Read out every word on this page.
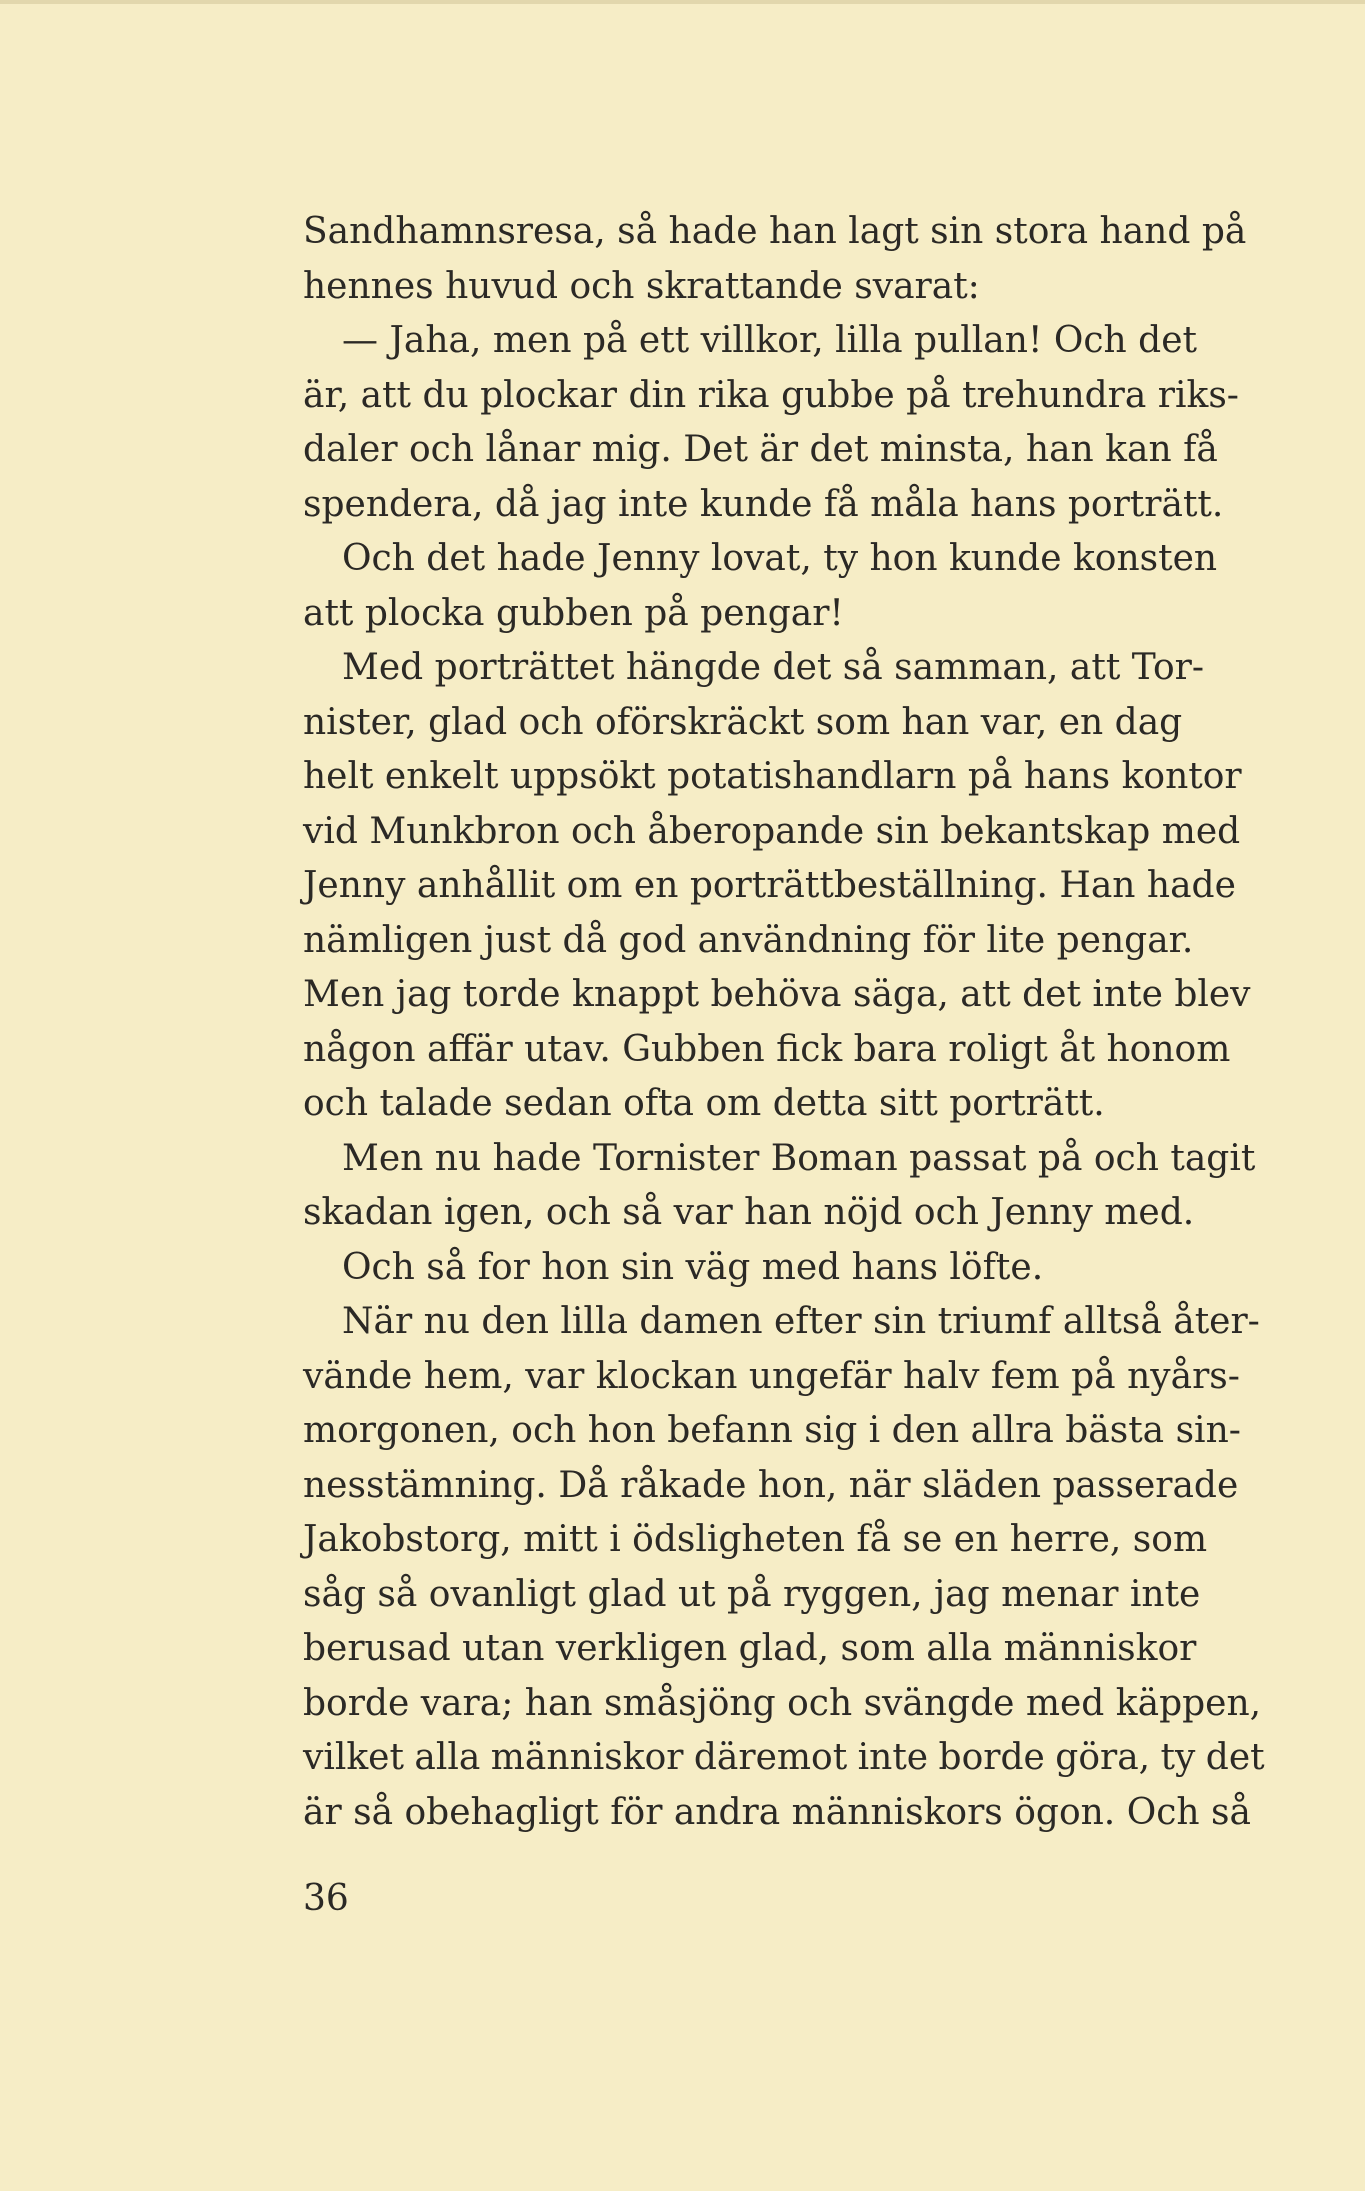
Sandhamnsresa, så hade han lagt sin stora hand på
hennes huvud och skrattande svarat:
— Jaha, men på ett villkor, lilla pullan! Och det
är, att du plockar din rika gubbe på trehundra riks-
daler och lånar mig. Det är det minsta, han kan få
spendera, då jag inte kunde få måla hans porträtt.
Och det hade Jenny lovat, ty hon kunde konsten
att plocka gubben på pengar!
Med porträttet hängde det så samman, att Tor-
nister, glad och oförskräckt som han var, en dag
helt enkelt uppsökt potatishandlarn på hans kontor
vid Munkbron och åberopande sin bekantskap med
Jenny anhållit om en porträttbeställning. Han hade
nämligen just då god användning för lite pengar.
Men jag torde knappt behöva säga, att det inte blev
någon affär utav. Gubben fick bara roligt åt honom
och talade sedan ofta om detta sitt porträtt.
Men nu hade Tornister Boman passat på och tagit
skadan igen, och så var han nöjd och Jenny med.
Och så for hon sin väg med hans löfte.
När nu den lilla damen efter sin triumf alltså åter-
vände hem, var klockan ungefär halv fem på nyårs-
morgonen, och hon befann sig i den allra bästa sin-
nesstämning. Då råkade hon, när släden passerade
Jakobstorg, mitt i ödsligheten få se en herre, som
såg så ovanligt glad ut på ryggen, jag menar inte
berusad utan verkligen glad, som alla människor
borde vara; han småsjöng och svängde med käppen,
vilket alla människor däremot inte borde göra, ty det
är så obehagligt för andra människors ögon. Och så
36
